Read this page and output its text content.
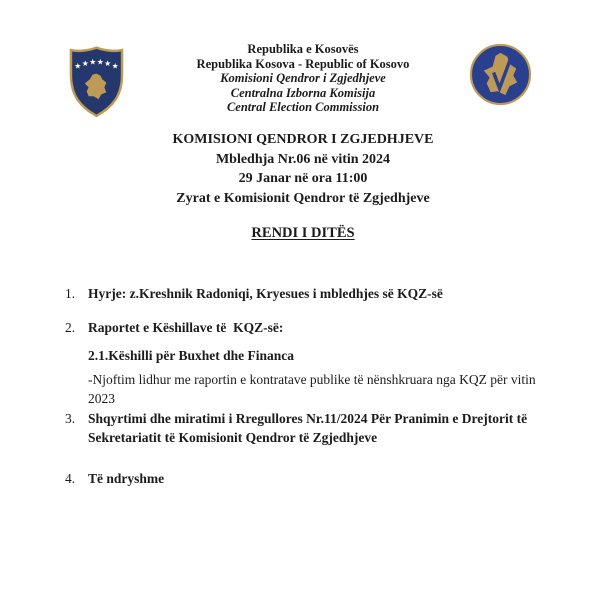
★ ★ ★ ★ ★ ★
Republika e Kosovës
Republika Kosova - Republic of Kosovo
Komisioni Qendror i Zgjedhjeve
Centralna Izborna Komisija
Central Election Commission
KOMISIONI QENDROR I ZGJEDHJEVE
Mbledhja Nr.06 në vitin 2024
29 Janar në ora 11:00
Zyrat e Komisionit Qendror të Zgjedhjeve
RENDI I DITËS
1. Hyrje: z.Kreshnik Radoniqi, Kryesues i mbledhjes së KQZ-së
2. Raportet e Këshillave të  KQZ-së:
2.1.Këshilli për Buxhet dhe Financa
-Njoftim lidhur me raportin e kontratave publike të nënshkruara nga KQZ për vitin 2023
3. Shqyrtimi dhe miratimi i Rregullores Nr.11/2024 Për Pranimin e Drejtorit të Sekretariatit të Komisionit Qendror të Zgjedhjeve
4. Të ndryshme
